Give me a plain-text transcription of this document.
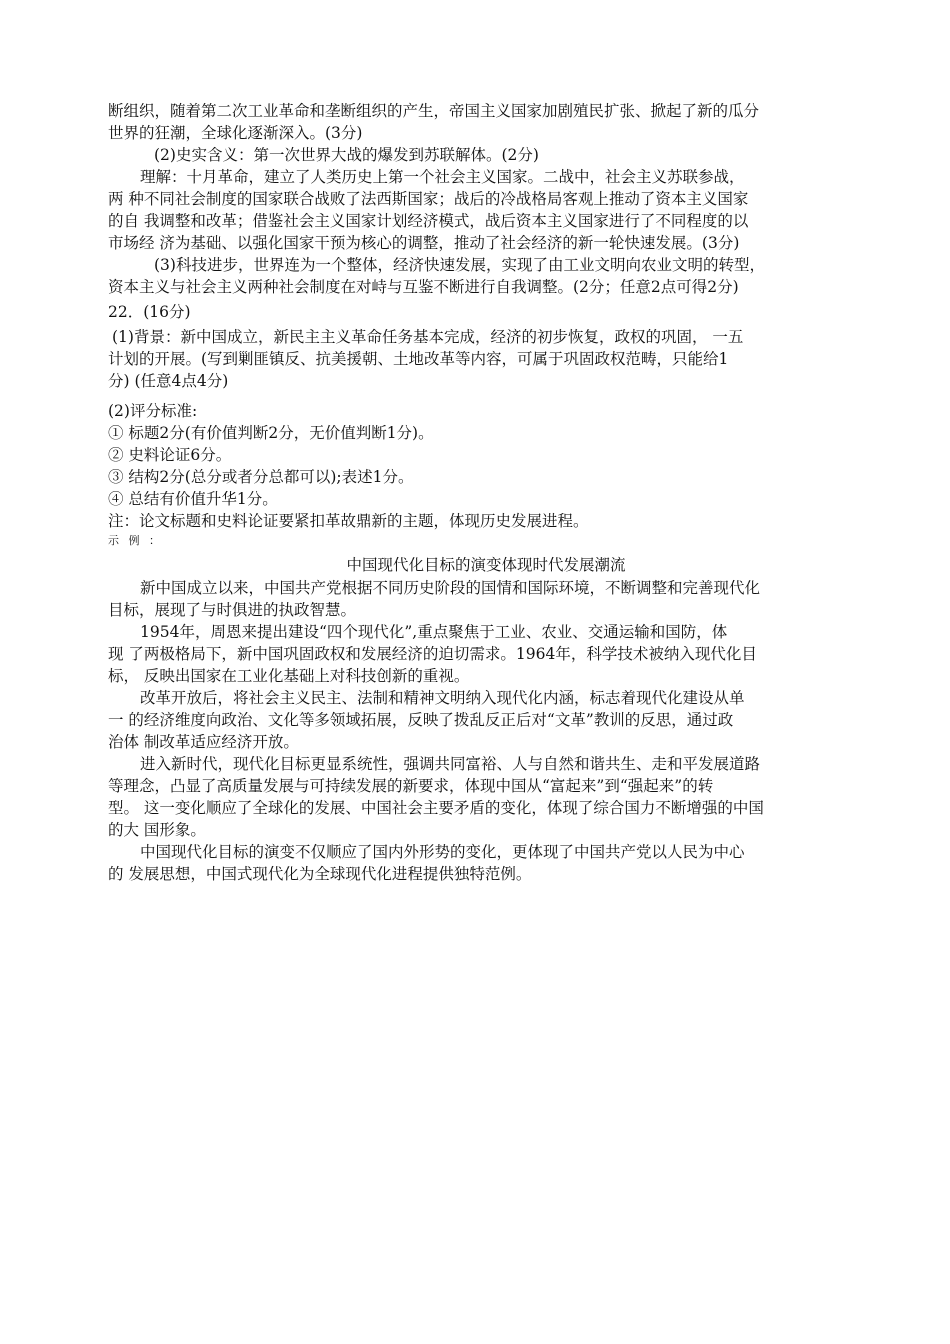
断组织，随着第二次工业革命和垄断组织的产生，帝国主义国家加剧殖民扩张、掀起了新的瓜分
世界的狂潮，全球化逐渐深入。(3分)
(2)史实含义：第一次世界大战的爆发到苏联解体。(2分)
理解：十月革命，建立了人类历史上第一个社会主义国家。二战中，社会主义苏联参战，
两 种不同社会制度的国家联合战败了法西斯国家；战后的冷战格局客观上推动了资本主义国家
的自 我调整和改革；借鉴社会主义国家计划经济模式，战后资本主义国家进行了不同程度的以
市场经 济为基础、以强化国家干预为核心的调整，推动了社会经济的新一轮快速发展。(3分)
(3)科技进步，世界连为一个整体，经济快速发展，实现了由工业文明向农业文明的转型，
资本主义与社会主义两种社会制度在对峙与互鉴不断进行自我调整。(2分；任意2点可得2分)
22．(16分)
(1)背景：新中国成立，新民主主义革命任务基本完成，经济的初步恢复，政权的巩固， 一五
计划的开展。(写到剿匪镇反、抗美援朝、土地改革等内容，可属于巩固政权范畴，只能给1
分) (任意4点4分)
(2)评分标准:
① 标题2分(有价值判断2分，无价值判断1分)。
② 史料论证6分。
③ 结构2分(总分或者分总都可以);表述1分。
④ 总结有价值升华1分。
注：论文标题和史料论证要紧扣革故鼎新的主题，体现历史发展进程。
示 例 ：
中国现代化目标的演变体现时代发展潮流
新中国成立以来，中国共产党根据不同历史阶段的国情和国际环境，不断调整和完善现代化
目标，展现了与时俱进的执政智慧。
1954年，周恩来提出建设“四个现代化”,重点聚焦于工业、农业、交通运输和国防，体
现 了两极格局下，新中国巩固政权和发展经济的迫切需求。1964年，科学技术被纳入现代化目
标， 反映出国家在工业化基础上对科技创新的重视。
改革开放后，将社会主义民主、法制和精神文明纳入现代化内涵，标志着现代化建设从单
一 的经济维度向政治、文化等多领域拓展，反映了拨乱反正后对“文革”教训的反思，通过政
治体 制改革适应经济开放。
进入新时代，现代化目标更显系统性，强调共同富裕、人与自然和谐共生、走和平发展道路
等理念，凸显了高质量发展与可持续发展的新要求，体现中国从“富起来”到“强起来”的转
型。 这一变化顺应了全球化的发展、中国社会主要矛盾的变化，体现了综合国力不断增强的中国
的大 国形象。
中国现代化目标的演变不仅顺应了国内外形势的变化，更体现了中国共产党以人民为中心
的 发展思想，中国式现代化为全球现代化进程提供独特范例。
